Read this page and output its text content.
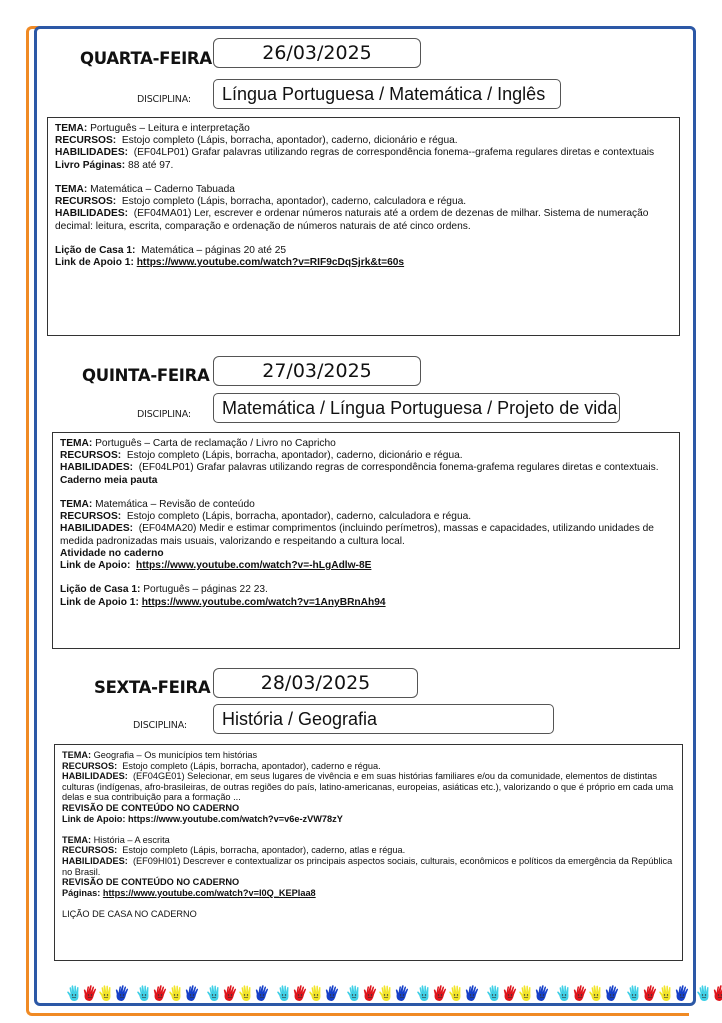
QUARTA-FEIRA	26/03/2025
DISCIPLINA:	Língua Portuguesa / Matemática / Inglês
TEMA: Português – Leitura e interpretação
RECURSOS: Estojo completo (Lápis, borracha, apontador), caderno, dicionário e régua.
HABILIDADES: (EF04LP01) Grafar palavras utilizando regras de correspondência fonema--grafema regulares diretas e contextuais
Livro Páginas: 88 até 97.
TEMA: Matemática – Caderno Tabuada
RECURSOS: Estojo completo (Lápis, borracha, apontador), caderno, calculadora e régua.
HABILIDADES: (EF04MA01) Ler, escrever e ordenar números naturais até a ordem de dezenas de milhar. Sistema de numeração decimal: leitura, escrita, comparação e ordenação de números naturais de até cinco ordens.
Lição de Casa 1: Matemática – páginas 20 até 25
Link de Apoio 1: https://www.youtube.com/watch?v=RIF9cDqSjrk&t=60s
QUINTA-FEIRA	27/03/2025
DISCIPLINA:	Matemática / Língua Portuguesa / Projeto de vida
TEMA: Português – Carta de reclamação / Livro no Capricho
RECURSOS: Estojo completo (Lápis, borracha, apontador), caderno, dicionário e régua.
HABILIDADES: (EF04LP01) Grafar palavras utilizando regras de correspondência fonema-grafema regulares diretas e contextuais.
Caderno meia pauta
TEMA: Matemática – Revisão de conteúdo
RECURSOS: Estojo completo (Lápis, borracha, apontador), caderno, calculadora e régua.
HABILIDADES: (EF04MA20) Medir e estimar comprimentos (incluindo perímetros), massas e capacidades, utilizando unidades de medida padronizadas mais usuais, valorizando e respeitando a cultura local.
Atividade no caderno
Link de Apoio: https://www.youtube.com/watch?v=-hLgAdlw-8E
Lição de Casa 1: Português – páginas 22 23.
Link de Apoio 1: https://www.youtube.com/watch?v=1AnyBRnAh94
SEXTA-FEIRA	28/03/2025
DISCIPLINA:	História / Geografia
TEMA: Geografia – Os municípios tem histórias
RECURSOS: Estojo completo (Lápis, borracha, apontador), caderno e régua.
HABILIDADES: (EF04GE01) Selecionar, em seus lugares de vivência e em suas histórias familiares e/ou da comunidade, elementos de distintas culturas (indígenas, afro-brasileiras, de outras regiões do país, latino-americanas, europeias, asiáticas etc.), valorizando o que é próprio em cada uma delas e sua contribuição para a formação ...
REVISÃO DE CONTEÚDO NO CADERNO
Link de Apoio: https://www.youtube.com/watch?v=v6e-zVW78zY
TEMA: História – A escrita
RECURSOS: Estojo completo (Lápis, borracha, apontador), caderno, atlas e régua.
HABILIDADES: (EF09HI01) Descrever e contextualizar os principais aspectos sociais, culturais, econômicos e políticos da emergência da República no Brasil.
REVISÃO DE CONTEÚDO NO CADERNO
Páginas: https://www.youtube.com/watch?v=I0Q_KEPIaa8
LIÇÃO DE CASA NO CADERNO
